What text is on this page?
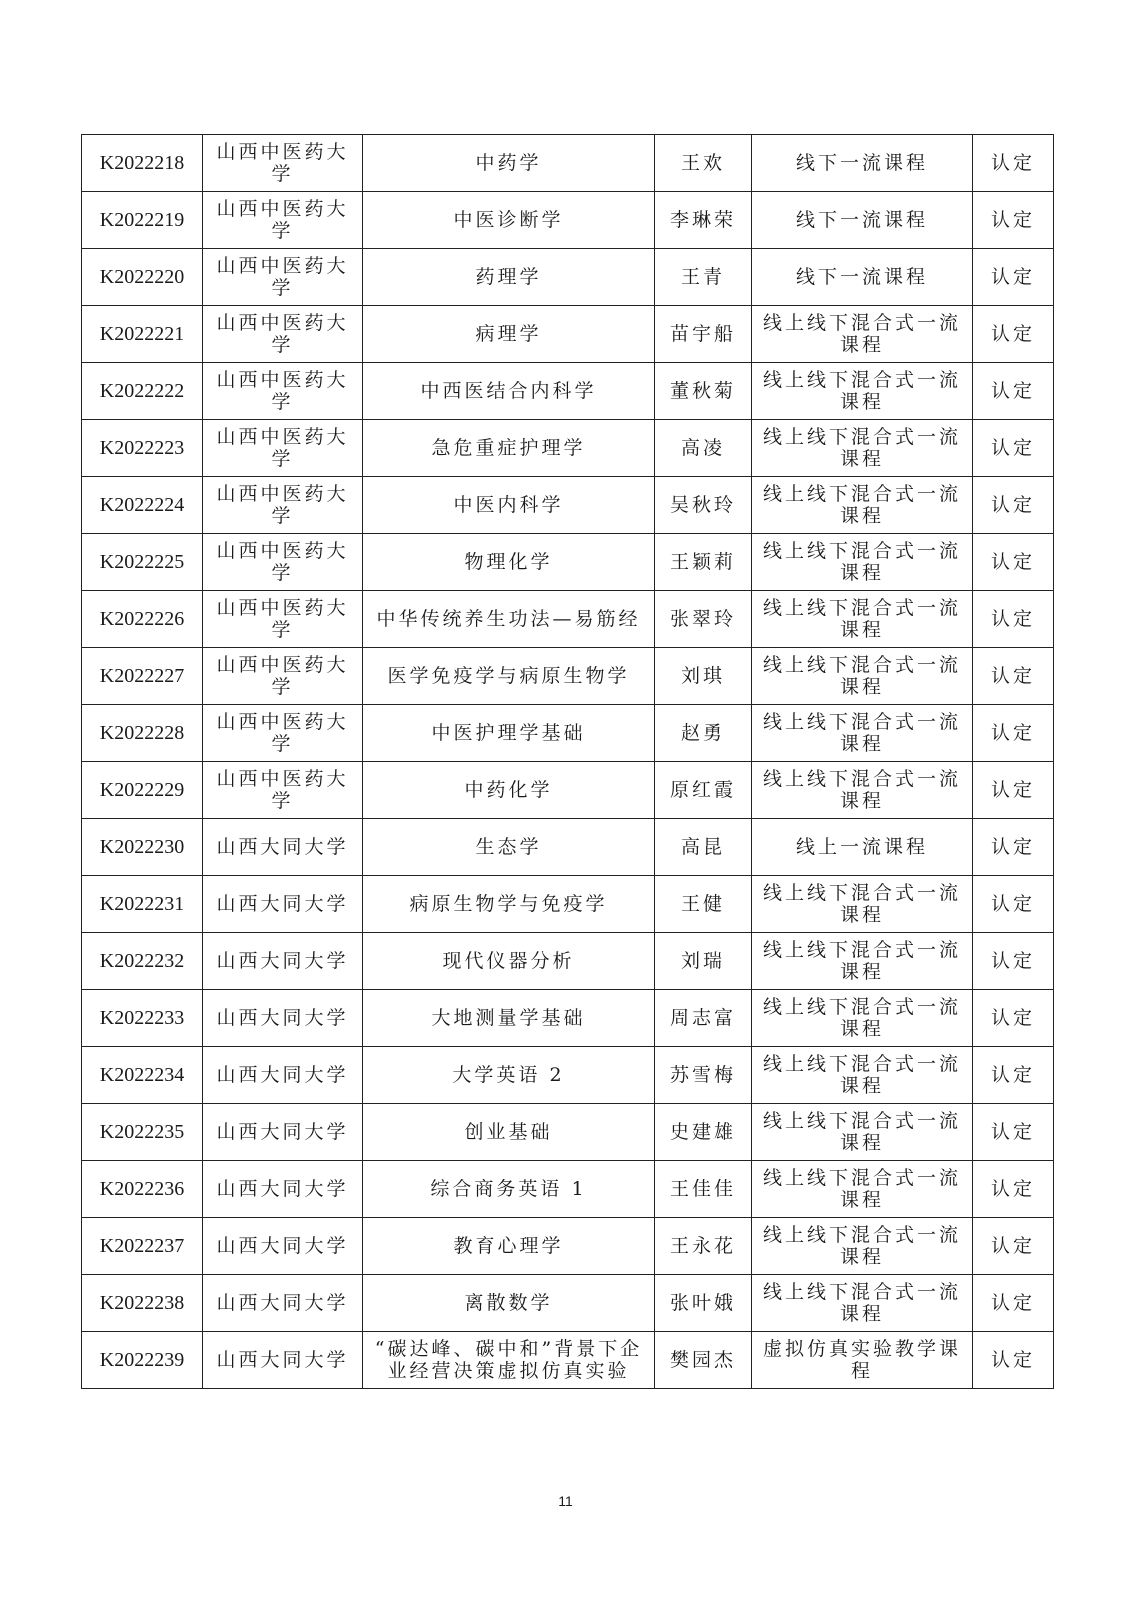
K2022218	山西中医药大学	中药学	王欢	线下一流课程	认定
K2022219	山西中医药大学	中医诊断学	李琳荣	线下一流课程	认定
K2022220	山西中医药大学	药理学	王青	线下一流课程	认定
K2022221	山西中医药大学	病理学	苗宇船	线上线下混合式一流课程	认定
K2022222	山西中医药大学	中西医结合内科学	董秋菊	线上线下混合式一流课程	认定
K2022223	山西中医药大学	急危重症护理学	高凌	线上线下混合式一流课程	认定
K2022224	山西中医药大学	中医内科学	吴秋玲	线上线下混合式一流课程	认定
K2022225	山西中医药大学	物理化学	王颖莉	线上线下混合式一流课程	认定
K2022226	山西中医药大学	中华传统养生功法—易筋经	张翠玲	线上线下混合式一流课程	认定
K2022227	山西中医药大学	医学免疫学与病原生物学	刘琪	线上线下混合式一流课程	认定
K2022228	山西中医药大学	中医护理学基础	赵勇	线上线下混合式一流课程	认定
K2022229	山西中医药大学	中药化学	原红霞	线上线下混合式一流课程	认定
K2022230	山西大同大学	生态学	高昆	线上一流课程	认定
K2022231	山西大同大学	病原生物学与免疫学	王健	线上线下混合式一流课程	认定
K2022232	山西大同大学	现代仪器分析	刘瑞	线上线下混合式一流课程	认定
K2022233	山西大同大学	大地测量学基础	周志富	线上线下混合式一流课程	认定
K2022234	山西大同大学	大学英语 2	苏雪梅	线上线下混合式一流课程	认定
K2022235	山西大同大学	创业基础	史建雄	线上线下混合式一流课程	认定
K2022236	山西大同大学	综合商务英语 1	王佳佳	线上线下混合式一流课程	认定
K2022237	山西大同大学	教育心理学	王永花	线上线下混合式一流课程	认定
K2022238	山西大同大学	离散数学	张叶娥	线上线下混合式一流课程	认定
K2022239	山西大同大学	“碳达峰、碳中和”背景下企业经营决策虚拟仿真实验	樊园杰	虚拟仿真实验教学课程	认定
11
